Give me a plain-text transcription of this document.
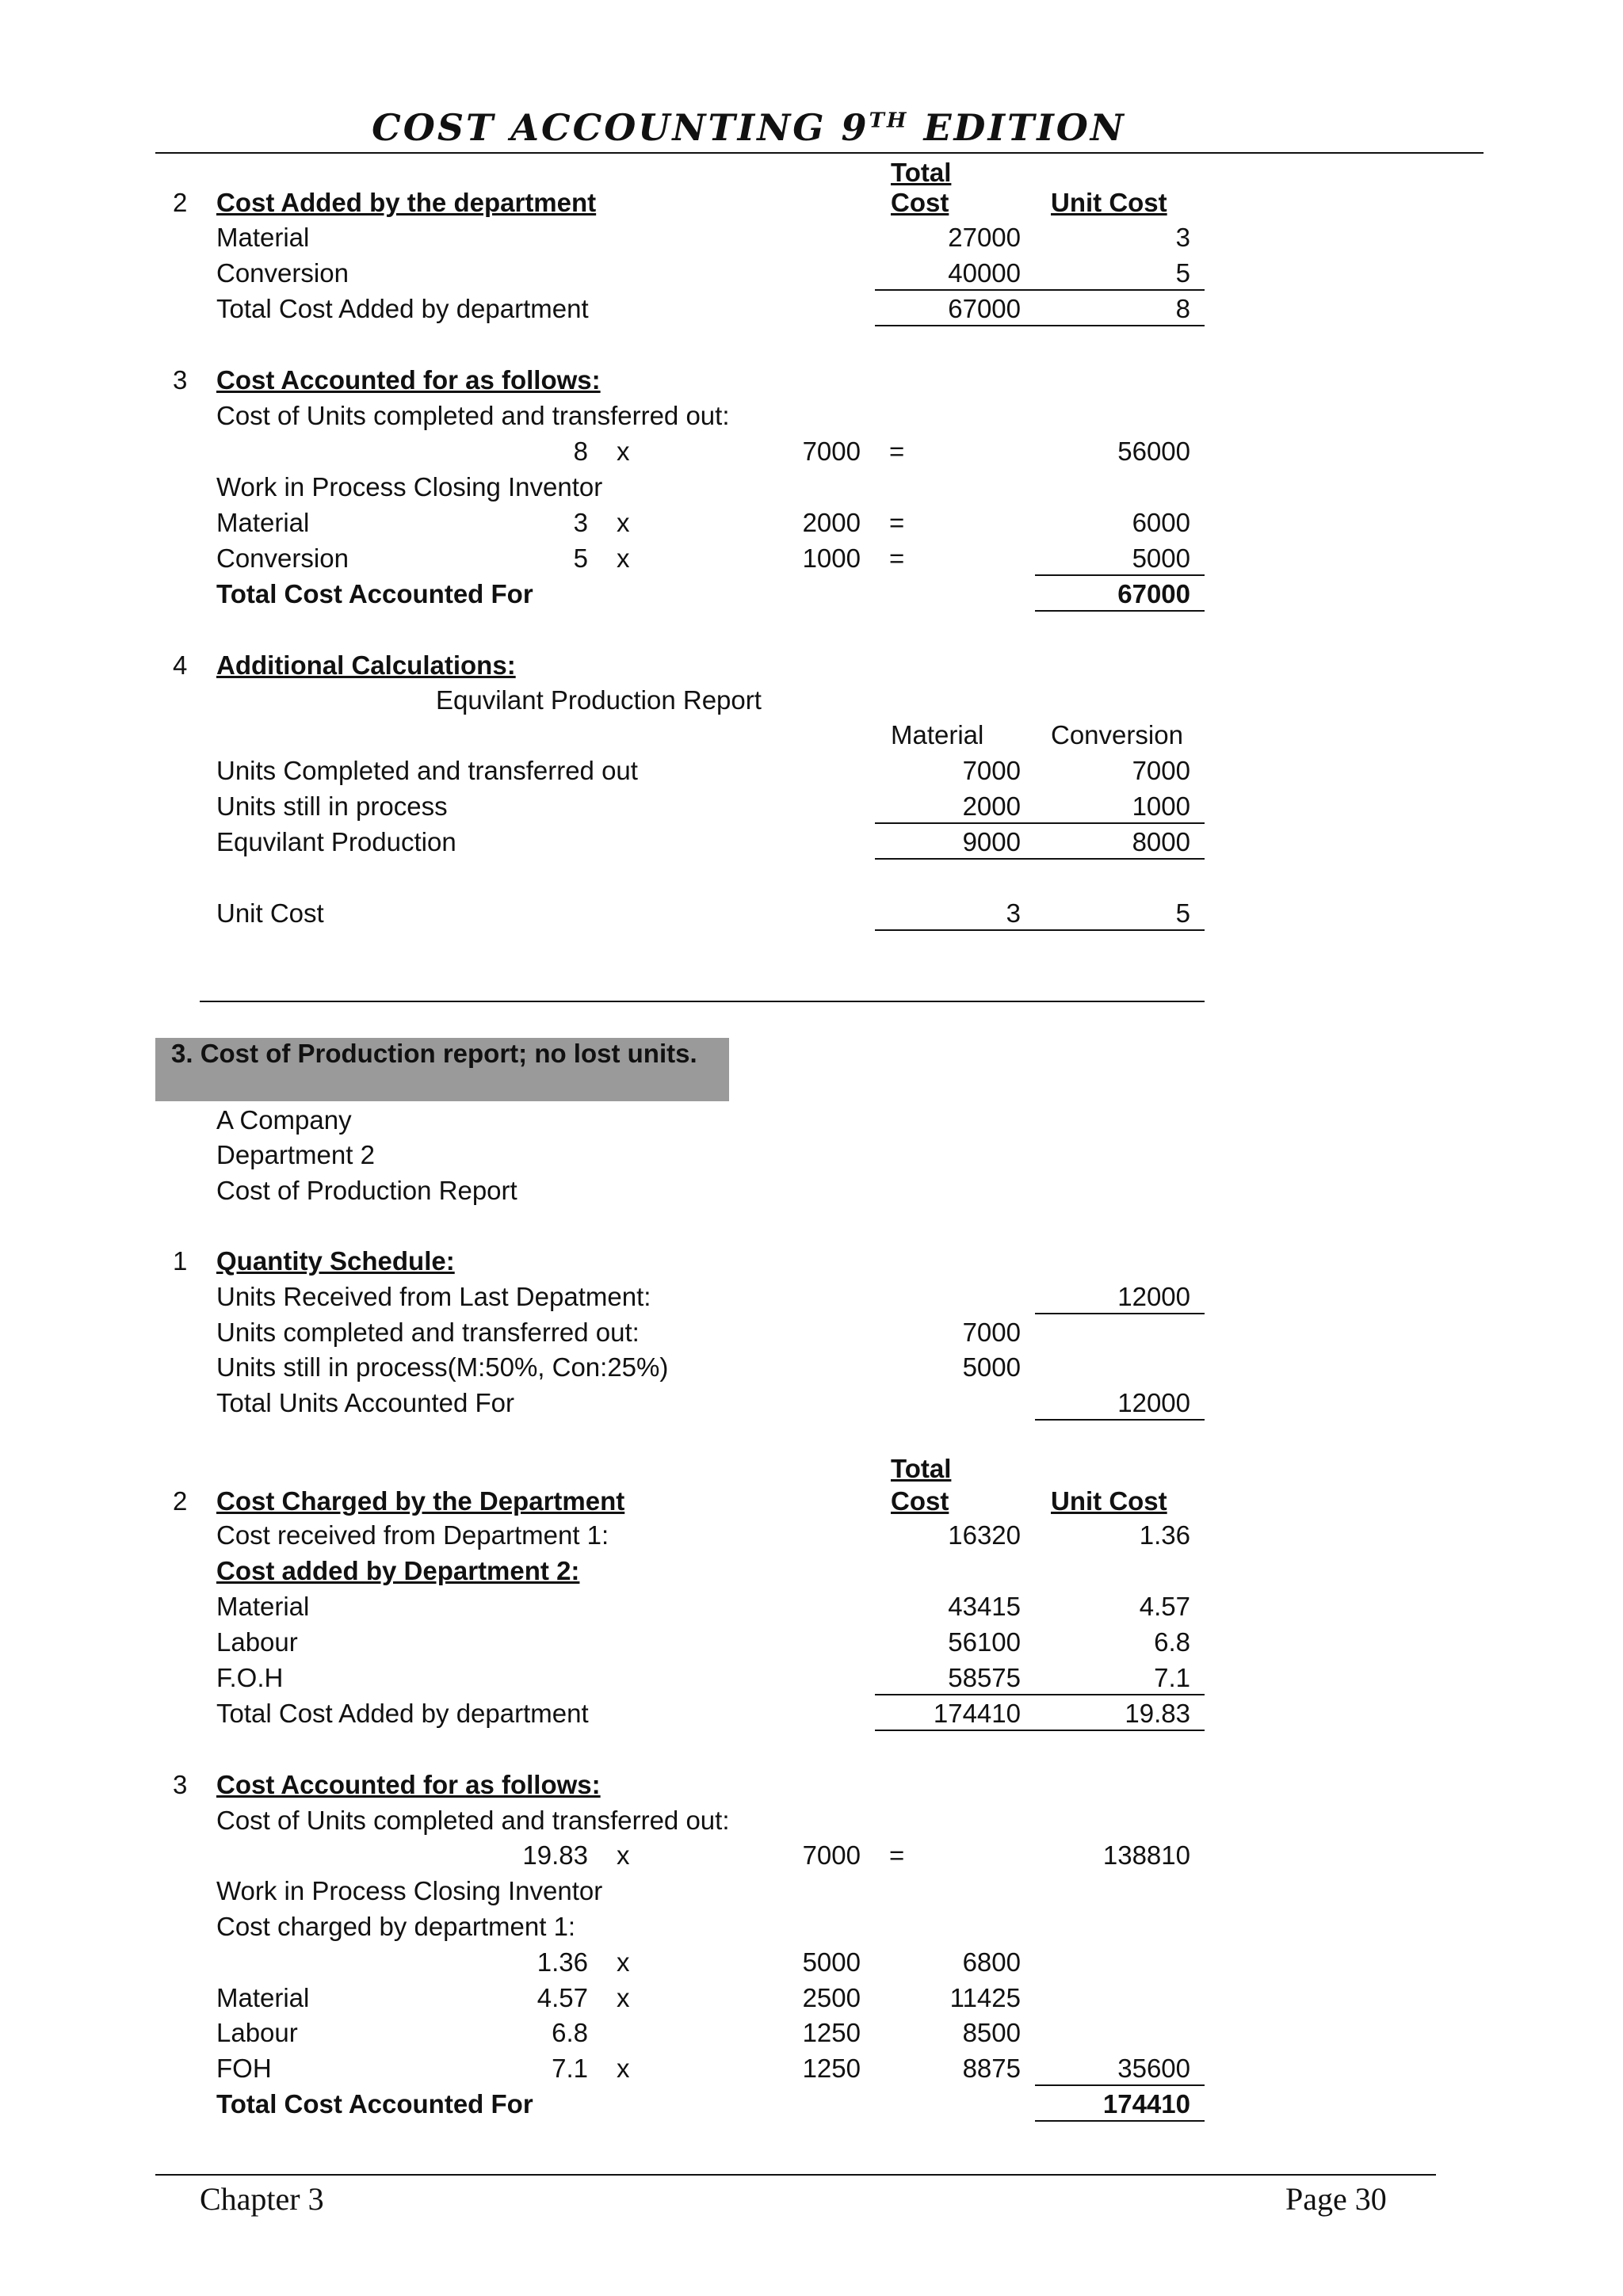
COST ACCOUNTING 9TH EDITION
Total
2 Cost Added by the department	Cost	Unit Cost
Material	27000	3
Conversion	40000	5
Total Cost Added by department	67000	8
3 Cost Accounted for as follows:
Cost of Units completed and transferred out:
8 x	7000 =	56000
Work in Process Closing Inventor
Material	3 x	2000 =	6000
Conversion	5 x	1000 =	5000
Total Cost Accounted For	67000
4 Additional Calculations:
Equvilant Production Report
Material	Conversion
Units Completed and transferred out	7000	7000
Units still in process	2000	1000
Equvilant Production	9000	8000
Unit Cost	3	5
3. Cost of Production report; no lost units.
A Company
Department 2
Cost of Production Report
1 Quantity Schedule:
Units Received from Last Depatment:	12000
Units completed and transferred out:	7000
Units still in process(M:50%, Con:25%)	5000
Total Units Accounted For	12000
Total
2 Cost Charged by the Department	Cost	Unit Cost
Cost received from Department 1:	16320	1.36
Cost added by Department 2:
Material	43415	4.57
Labour	56100	6.8
F.O.H	58575	7.1
Total Cost Added by department	174410	19.83
3 Cost Accounted for as follows:
Cost of Units completed and transferred out:
19.83 x	7000 =	138810
Work in Process Closing Inventor
Cost charged by department 1:
1.36 x	5000	6800
Material	4.57 x	2500	11425
Labour	6.8	1250	8500
FOH	7.1 x	1250	8875	35600
Total Cost Accounted For	174410
Chapter 3	Page 30
